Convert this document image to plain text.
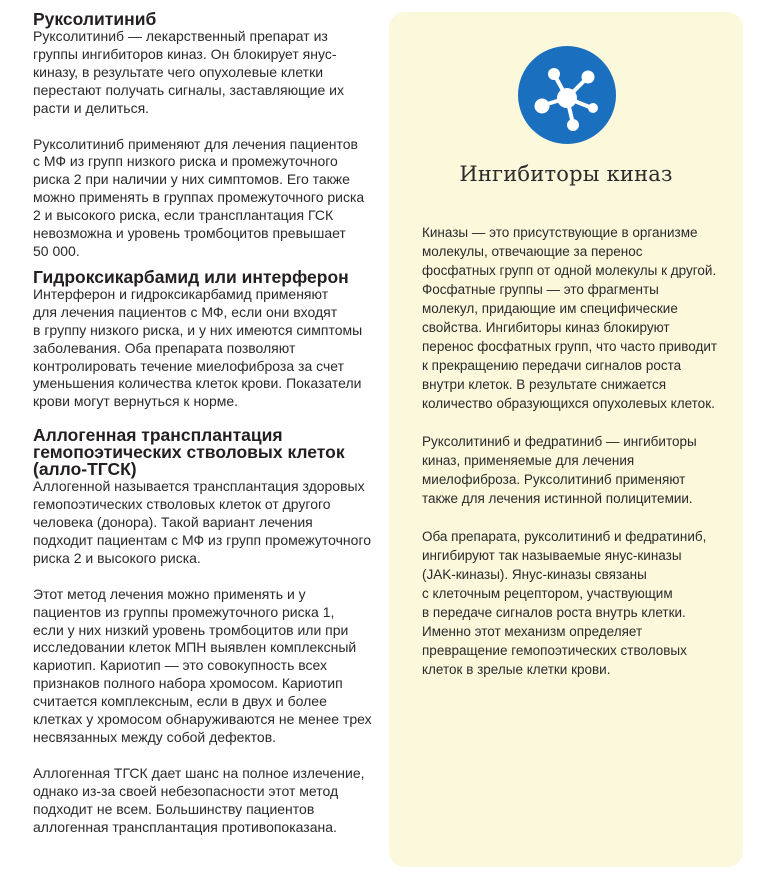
Руксолитиниб

Руксолитиниб — лекарственный препарат из
группы ингибиторов киназ. Он блокирует янус-
киназу, в результате чего опухолевые клетки
перестают получать сигналы, заставляющие их
расти и делиться.

Руксолитиниб применяют для лечения пациентов
с МФ из групп низкого риска и промежуточного
риска 2 при наличии у них симптомов. Его также
можно применять в группах промежуточного риска
2 и высокого риска, если трансплантация ГСК
невозможна и уровень тромбоцитов превышает
50 000.

Гидроксикарбамид или интерферон

Интерферон и гидроксикарбамид применяют
для лечения пациентов с МФ, если они входят
в группу низкого риска, и у них имеются симптомы
заболевания. Оба препарата позволяют
контролировать течение миелофиброза за счет
уменьшения количества клеток крови. Показатели
крови могут вернуться к норме.

Аллогенная трансплантация
гемопоэтических стволовых клеток
(алло-ТГСК)

Аллогенной называется трансплантация здоровых
гемопоэтических стволовых клеток от другого
человека (донора). Такой вариант лечения
подходит пациентам с МФ из групп промежуточного
риска 2 и высокого риска.

Этот метод лечения можно применять и у
пациентов из группы промежуточного риска 1,
если у них низкий уровень тромбоцитов или при
исследовании клеток МПН выявлен комплексный
кариотип. Кариотип — это совокупность всех
признаков полного набора хромосом. Кариотип
считается комплексным, если в двух и более
клетках у хромосом обнаруживаются не менее трех
несвязанных между собой дефектов.

Аллогенная ТГСК дает шанс на полное излечение,
однако из-за своей небезопасности этот метод
подходит не всем. Большинству пациентов
аллогенная трансплантация противопоказана.

Ингибиторы киназ

Киназы — это присутствующие в организме
молекулы, отвечающие за перенос
фосфатных групп от одной молекулы к другой.
Фосфатные группы — это фрагменты
молекул, придающие им специфические
свойства. Ингибиторы киназ блокируют
перенос фосфатных групп, что часто приводит
к прекращению передачи сигналов роста
внутри клеток. В результате снижается
количество образующихся опухолевых клеток.

Руксолитиниб и федратиниб — ингибиторы
киназ, применяемые для лечения
миелофиброза. Руксолитиниб применяют
также для лечения истинной полицитемии.

Оба препарата, руксолитиниб и федратиниб,
ингибируют так называемые янус-киназы
(JAK-киназы). Янус-киназы связаны
с клеточным рецептором, участвующим
в передаче сигналов роста внутрь клетки.
Именно этот механизм определяет
превращение гемопоэтических стволовых
клеток в зрелые клетки крови.
